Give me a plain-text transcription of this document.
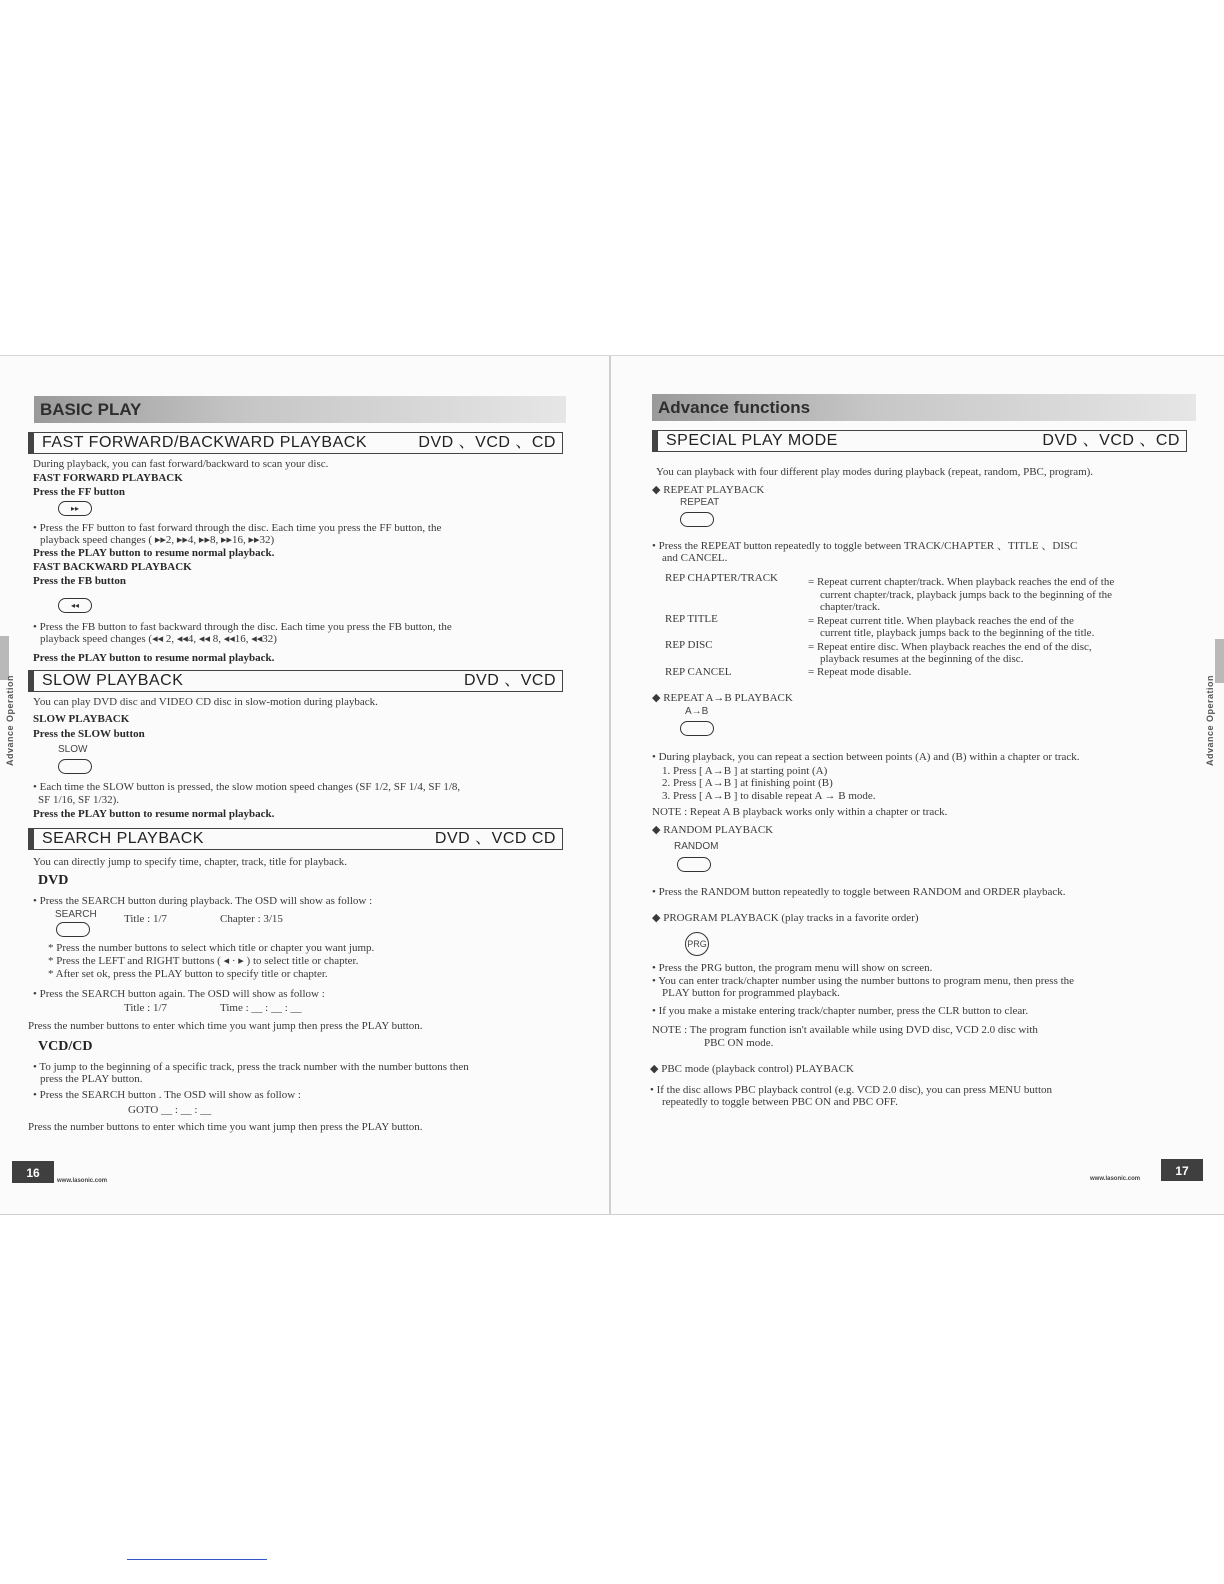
BASIC PLAY
FAST FORWARD/BACKWARD PLAYBACK	DVD 、VCD 、CD
During playback, you can fast forward/backward to scan your disc.
FAST FORWARD PLAYBACK
Press the FF button
▸▸
• Press the FF button to fast forward through the disc. Each time you press the FF button, the
playback speed changes ( ▸▸2, ▸▸4, ▸▸8, ▸▸16, ▸▸32)
Press the PLAY button to resume normal playback.
FAST BACKWARD PLAYBACK
Press the FB button
◂◂
• Press the FB button to fast backward through the disc. Each time you press the FB button, the
playback speed changes (◂◂ 2, ◂◂4, ◂◂ 8, ◂◂16, ◂◂32)
Press the PLAY button to resume normal playback.
SLOW PLAYBACK	DVD 、VCD
You can play DVD disc and VIDEO CD disc in slow-motion during playback.
SLOW PLAYBACK
Press the SLOW button
SLOW
• Each time the SLOW button is pressed, the slow motion speed changes (SF 1/2, SF 1/4, SF 1/8,
SF 1/16, SF 1/32).
Press the PLAY button to resume normal playback.
SEARCH PLAYBACK	DVD 、VCD CD
You can directly jump to specify time, chapter, track, title for playback.
DVD
• Press the SEARCH button during playback. The OSD will show as follow :
SEARCH Title : 1/7	Chapter : 3/15
* Press the number buttons to select which title or chapter you want jump.
* Press the LEFT and RIGHT buttons ( ◂ · ▸ ) to select title or chapter.
* After set ok, press the PLAY button to specify title or chapter.
• Press the SEARCH button again. The OSD will show as follow :
Title : 1/7	Time : __ : __ : __
Press the number buttons to enter which time you want jump then press the PLAY button.
VCD/CD
• To jump to the beginning of a specific track, press the track number with the number buttons then
press the PLAY button.
• Press the SEARCH button . The OSD will show as follow :
GOTO __ : __ : __
Press the number buttons to enter which time you want jump then press the PLAY button.
Advance Operation
16
www.lasonic.com
Advance functions
SPECIAL PLAY MODE	DVD 、VCD 、CD
You can playback with four different play modes during playback (repeat, random, PBC, program).
◆ REPEAT PLAYBACK
REPEAT
• Press the REPEAT button repeatedly to toggle between TRACK/CHAPTER 、TITLE 、DISC
and CANCEL.
REP CHAPTER/TRACK	= Repeat current chapter/track. When playback reaches the end of the
current chapter/track, playback jumps back to the beginning of the
chapter/track.
REP TITLE	= Repeat current title. When playback reaches the end of the
current title, playback jumps back to the beginning of the title.
REP DISC	= Repeat entire disc. When playback reaches the end of the disc,
playback resumes at the beginning of the disc.
REP CANCEL	= Repeat mode disable.
◆ REPEAT A→B PLAYBACK
A→B
• During playback, you can repeat a section between points (A) and (B) within a chapter or track.
1. Press [ A→B ] at starting point (A)
2. Press [ A→B ] at finishing point (B)
3. Press [ A→B ] to disable repeat A → B mode.
NOTE : Repeat A B playback works only within a chapter or track.
◆ RANDOM PLAYBACK
RANDOM
• Press the RANDOM button repeatedly to toggle between RANDOM and ORDER playback.
◆ PROGRAM PLAYBACK (play tracks in a favorite order)
PRG
• Press the PRG button, the program menu will show on screen.
• You can enter track/chapter number using the number buttons to program menu, then press the
PLAY button for programmed playback.
• If you make a mistake entering track/chapter number, press the CLR button to clear.
NOTE : The program function isn't available while using DVD disc, VCD 2.0 disc with
PBC ON mode.
◆ PBC mode (playback control) PLAYBACK
• If the disc allows PBC playback control (e.g. VCD 2.0 disc), you can press MENU button
repeatedly to toggle between PBC ON and PBC OFF.
Advance Operation
17
www.lasonic.com
